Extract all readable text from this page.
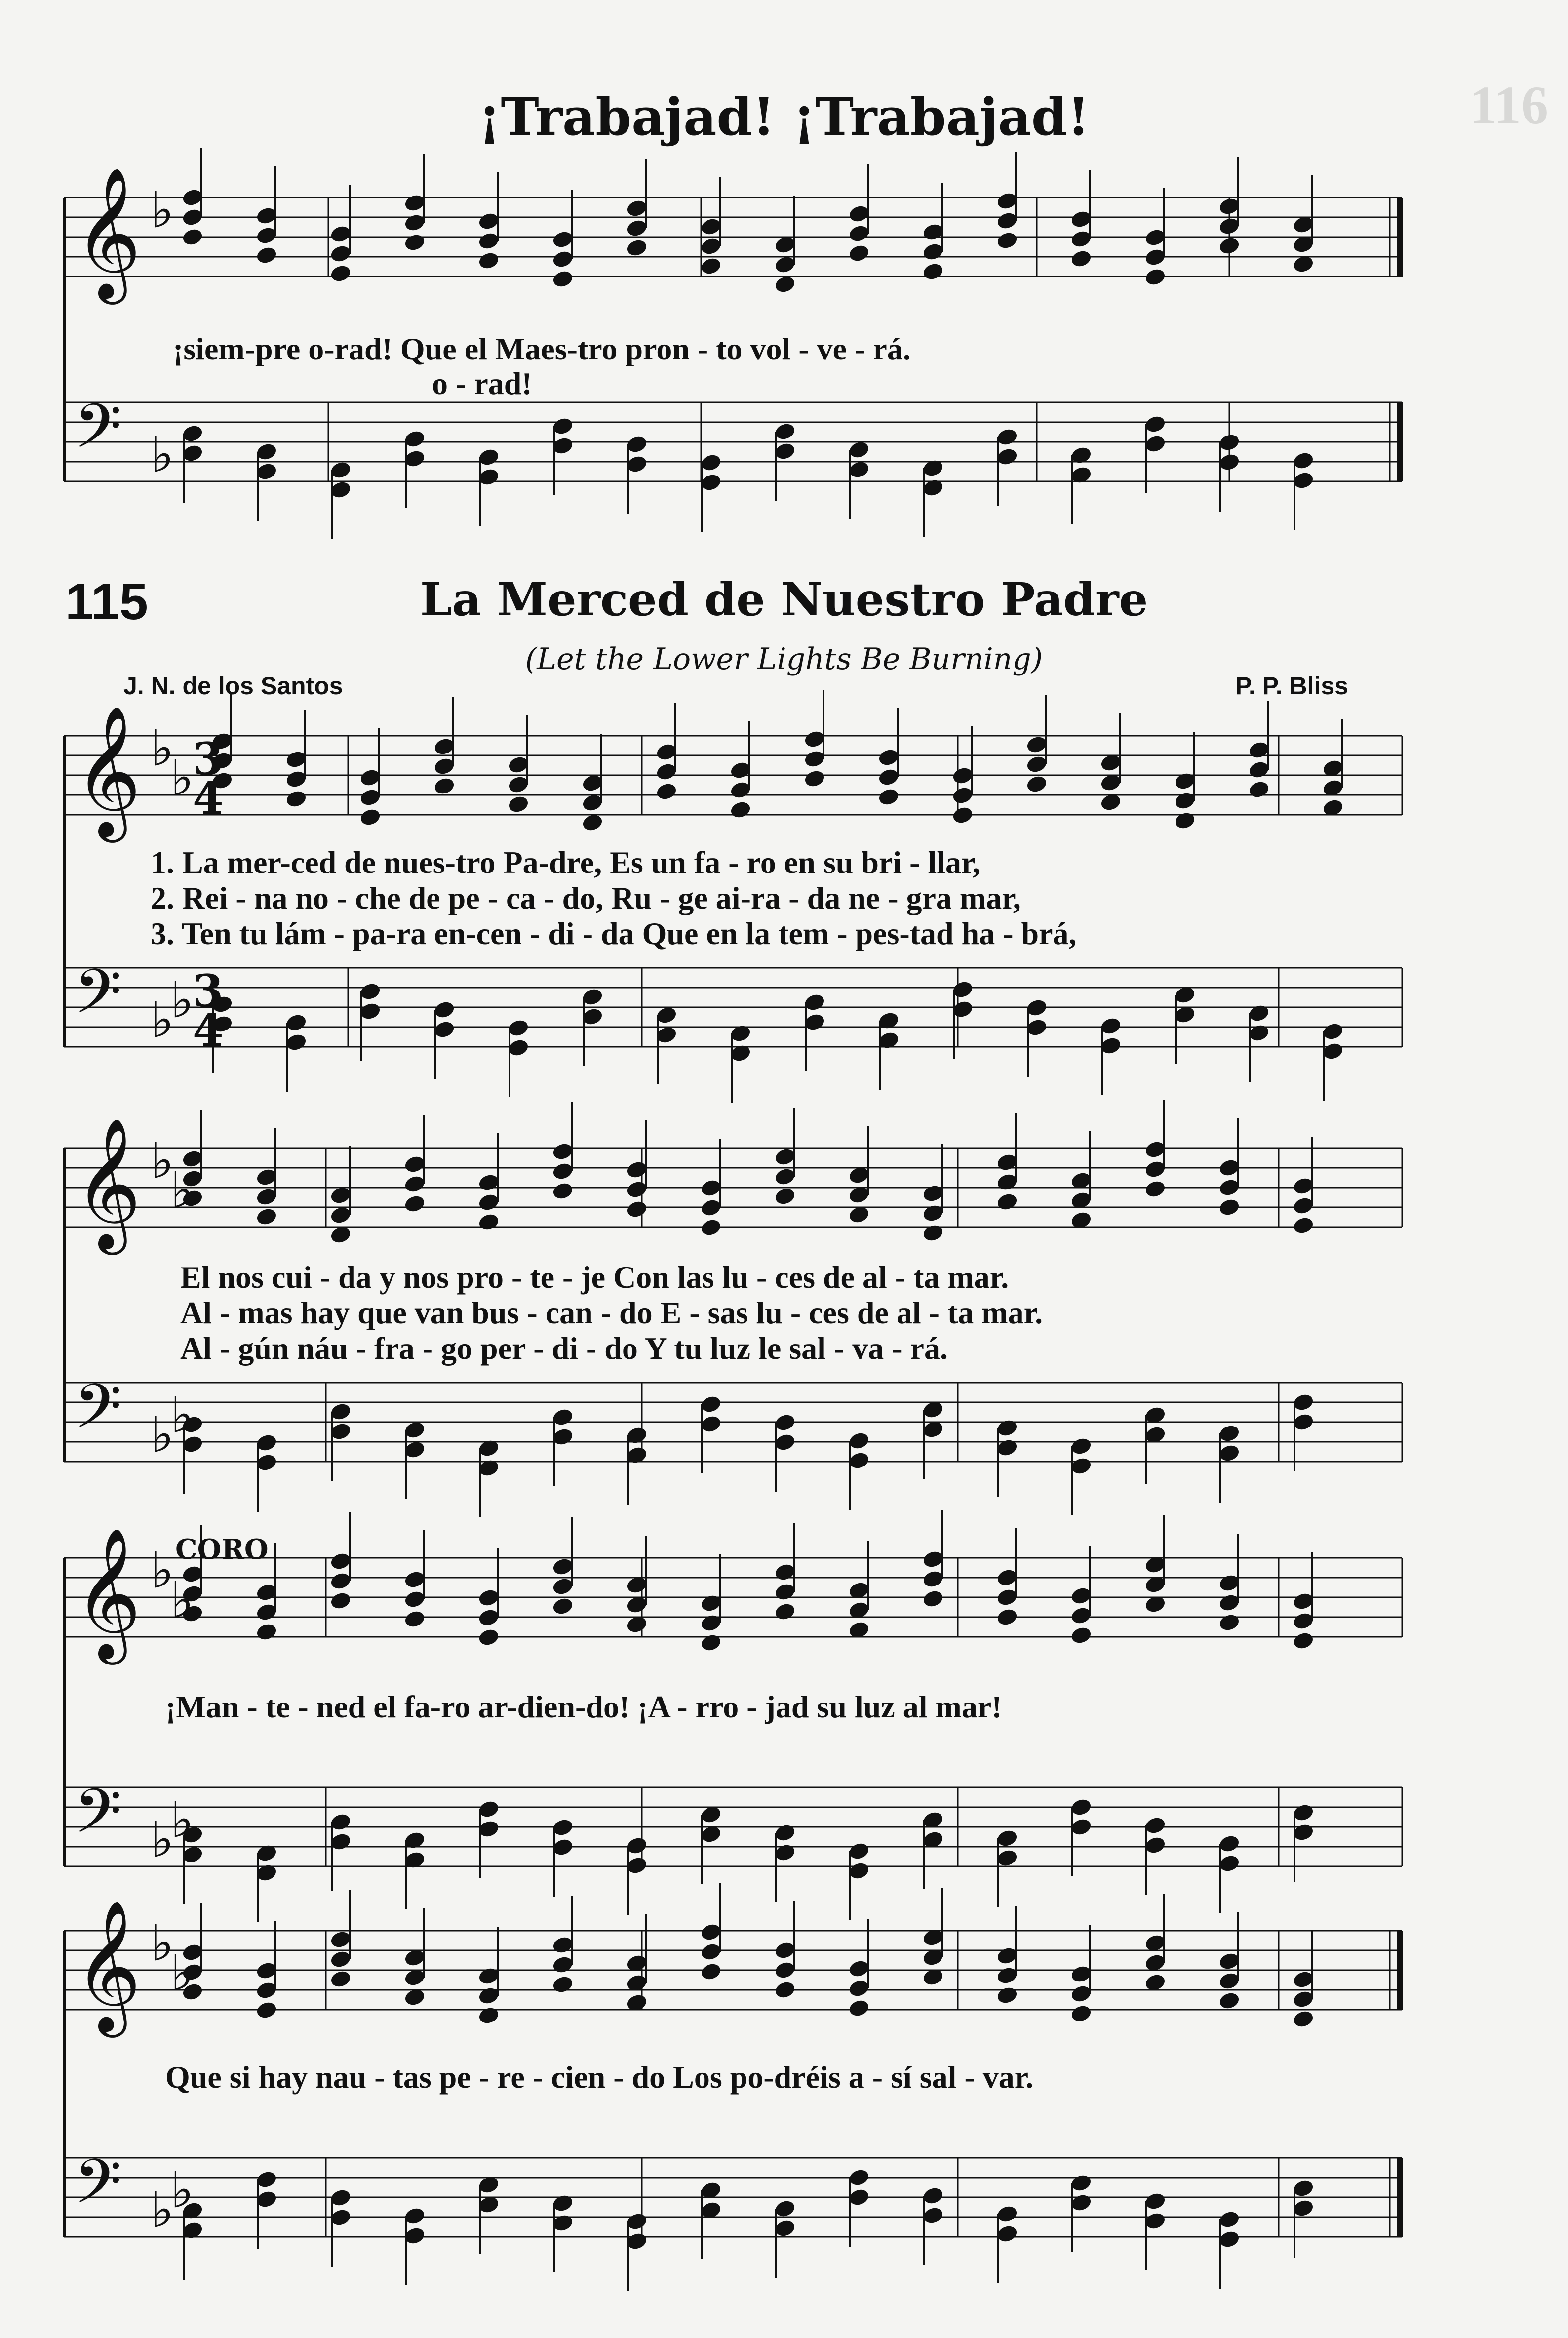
116
¡Trabajad! ¡Trabajad!
𝄞 ♭
𝄢 ♭
𝄞 ♭
♭
3
4
𝄢 ♭
♭
3
4
𝄞 ♭
♭
𝄢 ♭
♭
𝄞 ♭
♭
𝄢 ♭
♭
𝄞 ♭
♭
𝄢 ♭
♭
¡siem-pre o-rad! Que el Maes-tro pron - to vol - ve - rá.
o - rad!
115	La Merced de Nuestro Padre
(Let the Lower Lights Be Burning)
J. N. de los Santos	P. P. Bliss
1. La mer-ced de nues-tro Pa-dre, Es un fa - ro en su bri - llar,
2. Rei - na no - che de pe - ca - do, Ru - ge ai-ra - da ne - gra mar,
3. Ten tu lám - pa-ra en-cen - di - da Que en la tem - pes-tad ha - brá,
El nos cui - da y nos pro - te - je Con las lu - ces de al - ta mar.
Al - mas hay que van bus - can - do E - sas lu - ces de al - ta mar.
Al - gún náu - fra - go per - di - do Y tu luz le sal - va - rá.
CORO
¡Man - te - ned el fa-ro ar-dien-do! ¡A - rro - jad su luz al mar!
Que si hay nau - tas pe - re - cien - do Los po-dréis a - sí sal - var.
